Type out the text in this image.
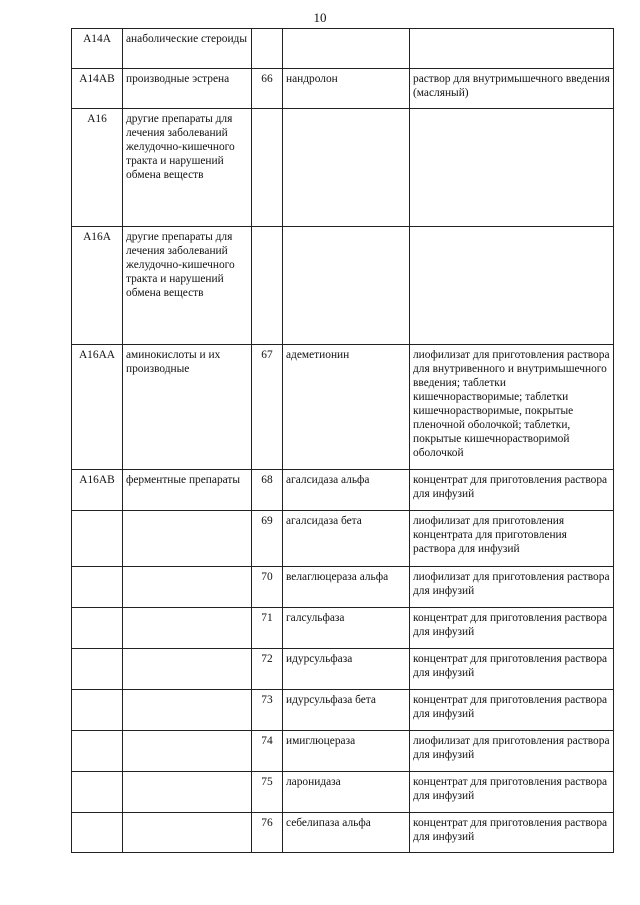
10
A14A	анаболические стероиды			
A14AB	производные эстрена	66	нандролон	раствор для внутримышечного введения (масляный)
A16	другие препараты для лечения заболеваний желудочно-кишечного тракта и нарушений обмена веществ			
A16A	другие препараты для лечения заболеваний желудочно-кишечного тракта и нарушений обмена веществ			
A16AA	аминокислоты и их производные	67	адеметионин	лиофилизат для приготовления раствора для внутривенного и внутримышечного введения; таблетки кишечнорастворимые; таблетки кишечнорастворимые, покрытые пленочной оболочкой; таблетки, покрытые кишечнорастворимой оболочкой
A16AB	ферментные препараты	68	агалсидаза альфа	концентрат для приготовления раствора для инфузий
		69	агалсидаза бета	лиофилизат для приготовления концентрата для приготовления раствора для инфузий
		70	велаглюцераза альфа	лиофилизат для приготовления раствора для инфузий
		71	галсульфаза	концентрат для приготовления раствора для инфузий
		72	идурсульфаза	концентрат для приготовления раствора для инфузий
		73	идурсульфаза бета	концентрат для приготовления раствора для инфузий
		74	имиглюцераза	лиофилизат для приготовления раствора для инфузий
		75	ларонидаза	концентрат для приготовления раствора для инфузий
		76	себелипаза альфа	концентрат для приготовления раствора для инфузий
